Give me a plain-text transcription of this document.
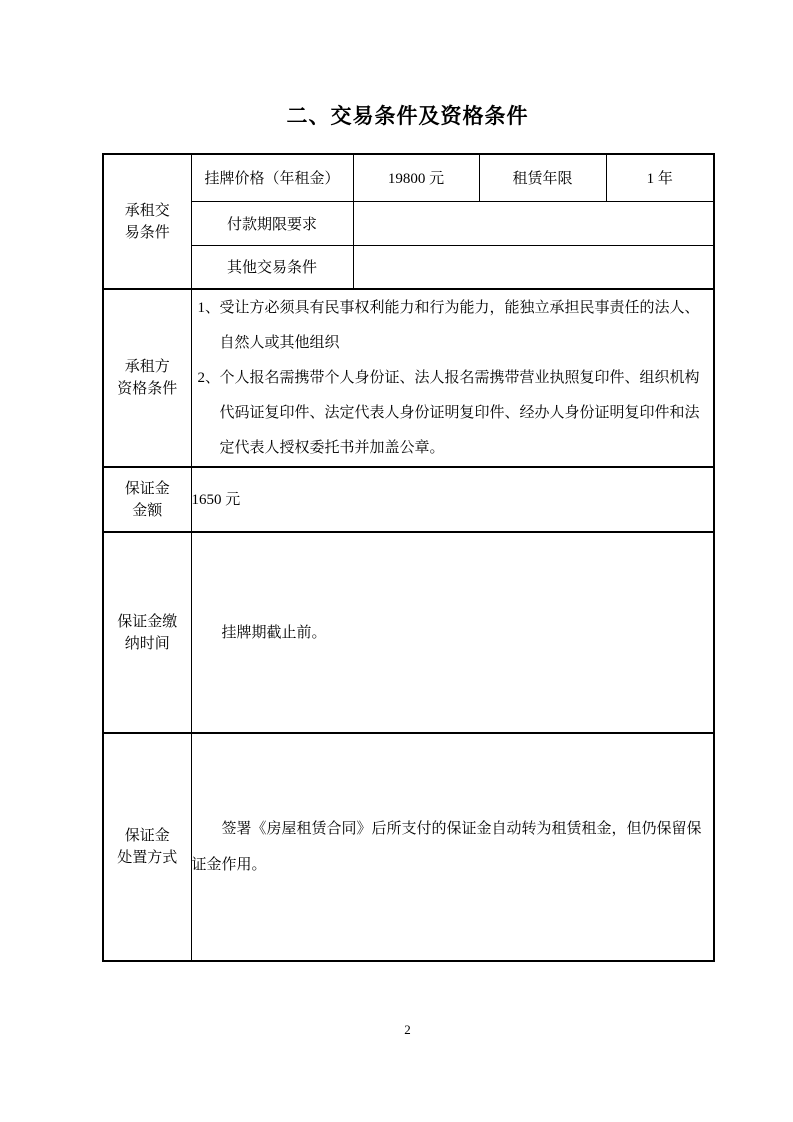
二、交易条件及资格条件
承租交
易条件	挂牌价格（年租金）	19800 元	租赁年限	1 年
	付款期限要求			
	其他交易条件			

承租方
资格条件

1、 受让方必须具有民事权利能力和行为能力，能独立承担民事责任的法人、自然人或其他组织
2、 个人报名需携带个人身份证、法人报名需携带营业执照复印件、组织机构代码证复印件、法定代表人身份证明复印件、经办人身份证明复印件和法定代表人授权委托书并加盖公章。

保证金
金额	1650 元			

保证金缴
纳时间	挂牌期截止前。			

保证金
处置方式	签署《房屋租赁合同》后所支付的保证金自动转为租赁租金，但仍保留保证金作用。			

2
